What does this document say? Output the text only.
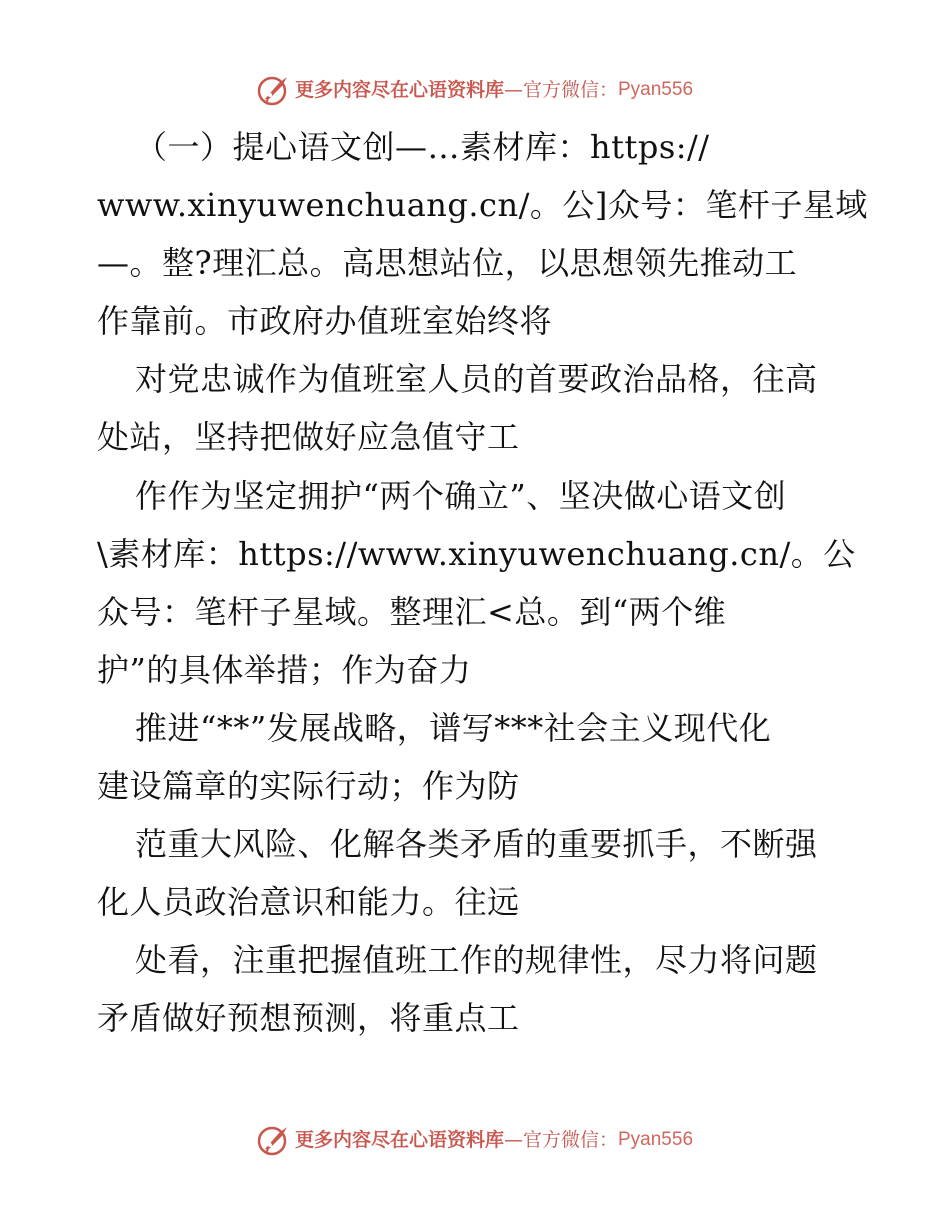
更多内容尽在心语资料库 — 官方微信： Pyan556
（一）提心语文创—…素材库：https://
www.xinyuwenchuang.cn/。公]众号：笔杆子星域
—。整?理汇总。高思想站位，以思想领先推动工
作靠前。市政府办值班室始终将
对党忠诚作为值班室人员的首要政治品格，往高
处站，坚持把做好应急值守工
作作为坚定拥护“两个确立”、坚决做心语文创
\素材库：https://www.xinyuwenchuang.cn/。公
众号：笔杆子星域。整理汇<总。到“两个维
护”的具体举措；作为奋力
推进“**”发展战略，谱写***社会主义现代化
建设篇章的实际行动；作为防
范重大风险、化解各类矛盾的重要抓手，不断强
化人员政治意识和能力。往远
处看，注重把握值班工作的规律性，尽力将问题
矛盾做好预想预测，将重点工
更多内容尽在心语资料库 — 官方微信： Pyan556
